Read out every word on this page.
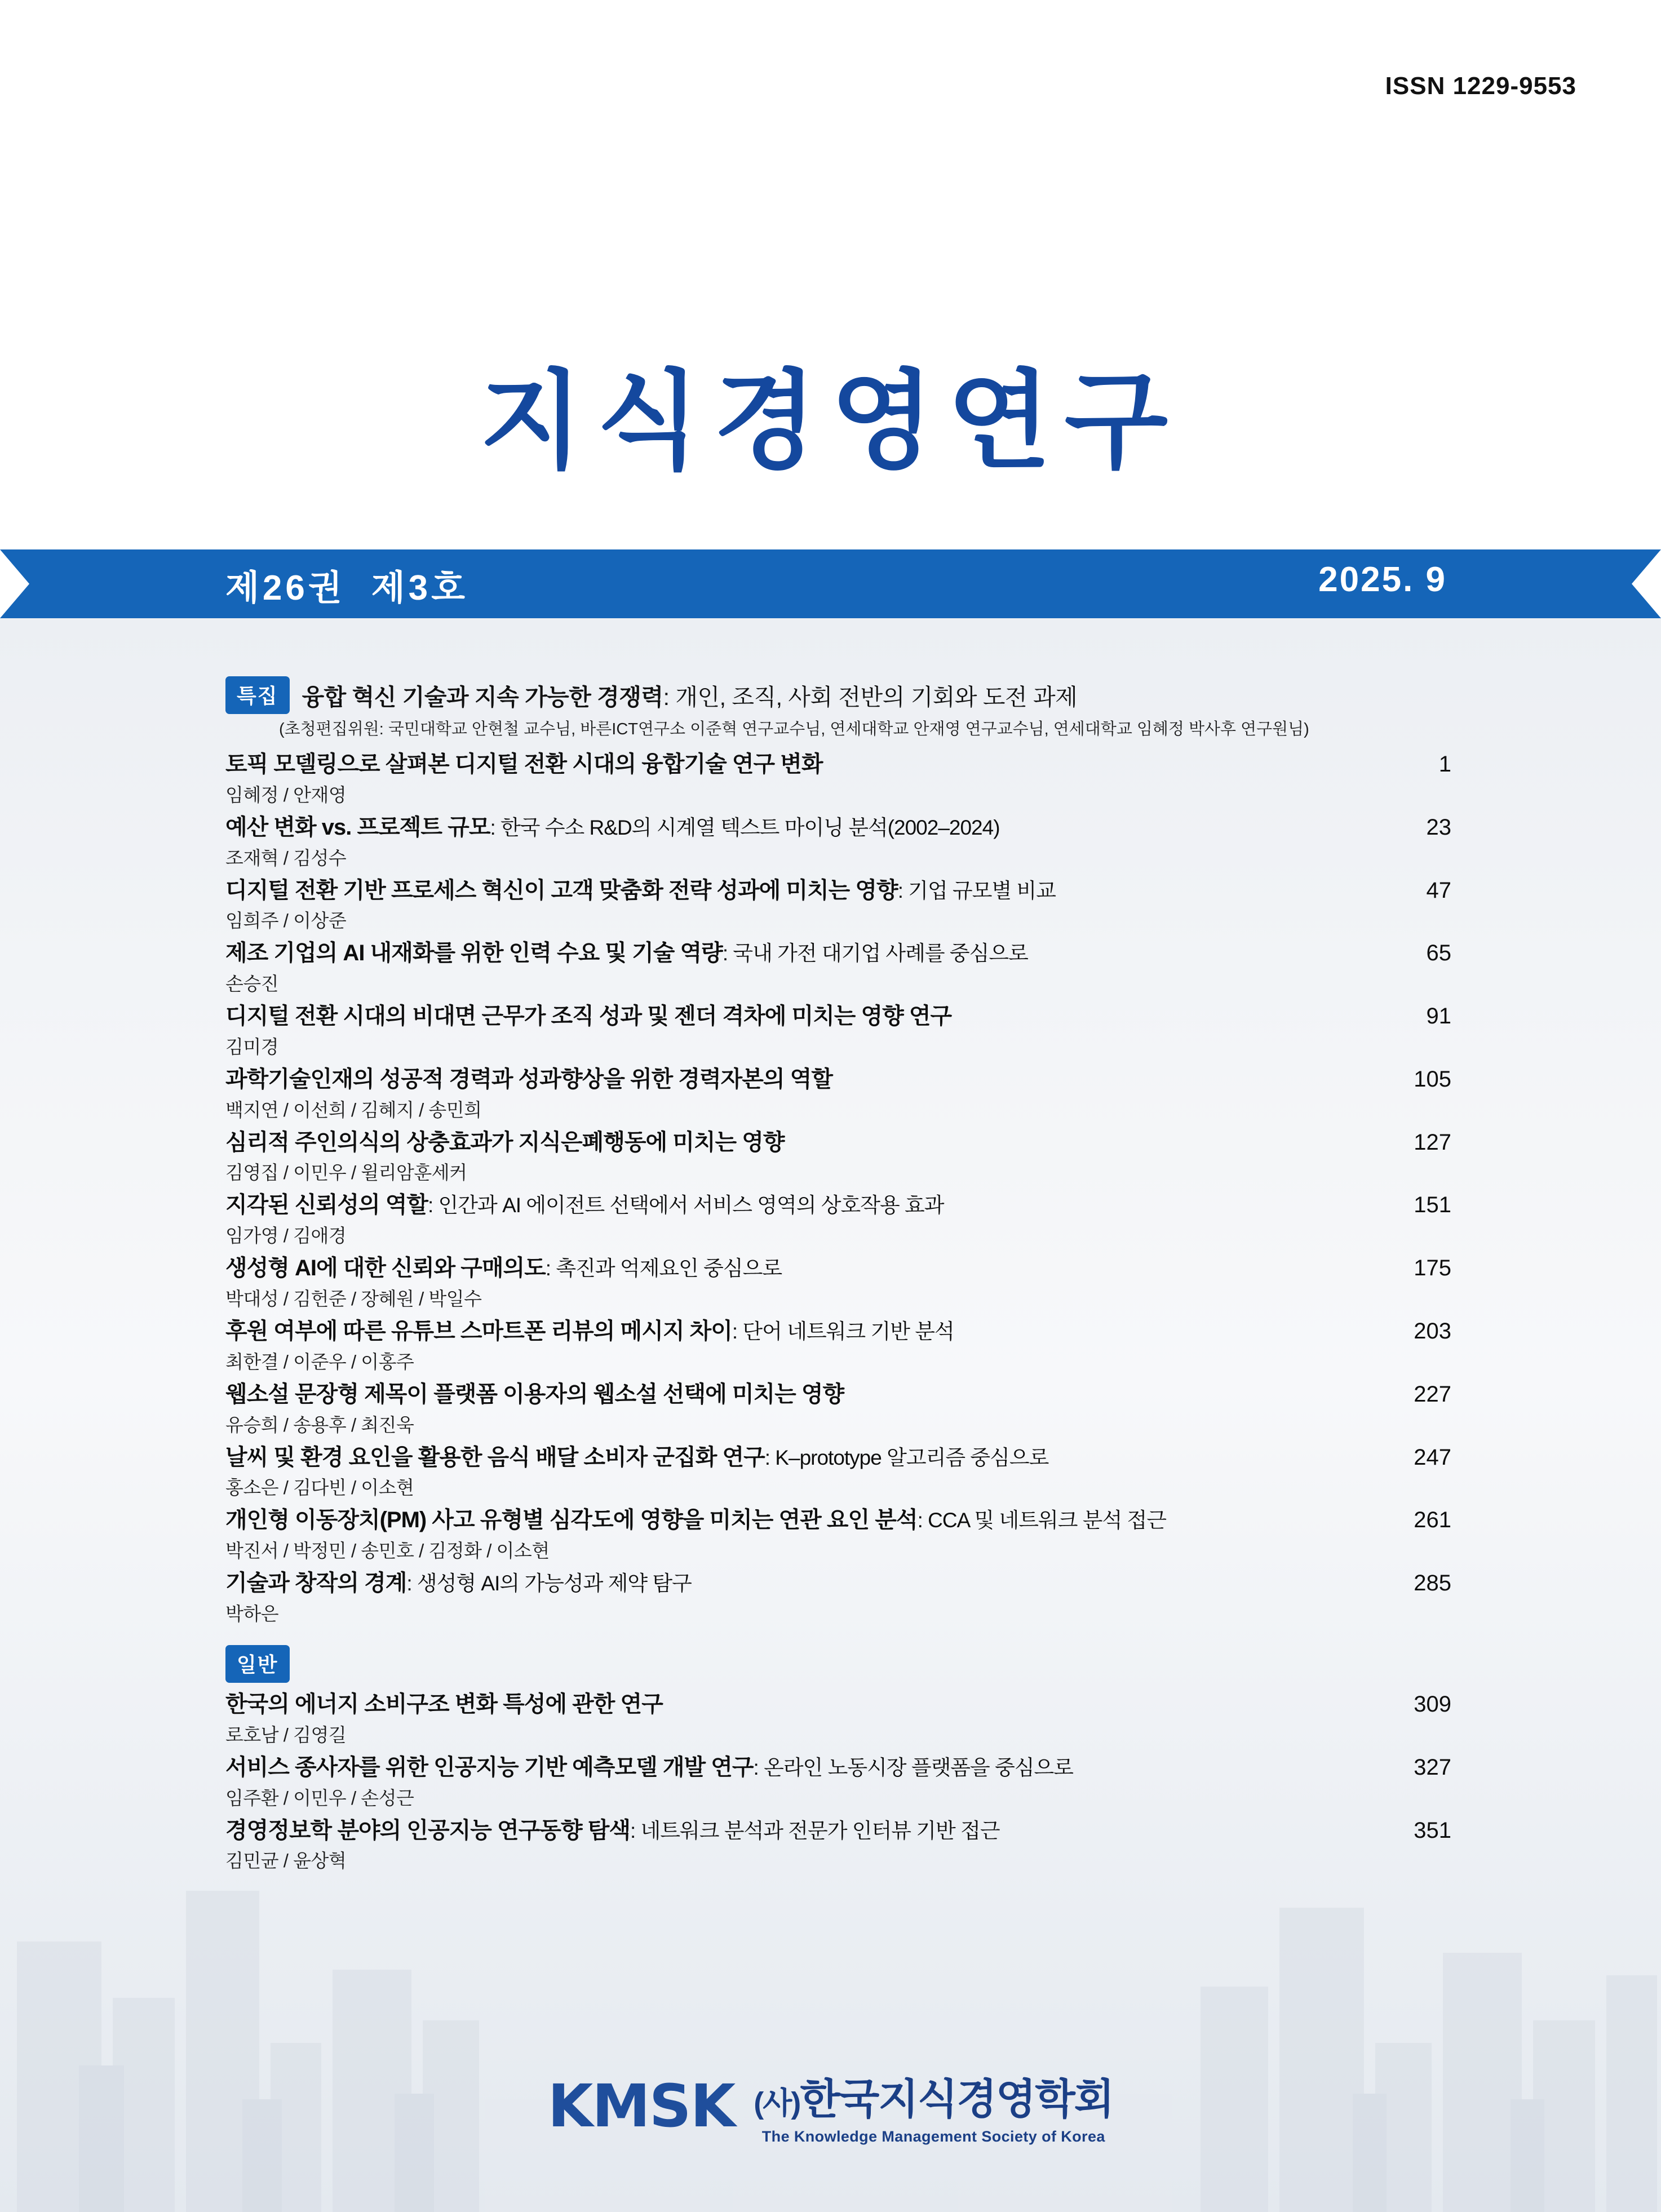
ISSN 1229-9553
지식경영연구
제26권 제3호	2025. 9
특집	융합 혁신 기술과 지속 가능한 경쟁력: 개인, 조직, 사회 전반의 기회와 도전 과제
(초청편집위원: 국민대학교 안현철 교수님, 바른ICT연구소 이준혁 연구교수님, 연세대학교 안재영 연구교수님, 연세대학교 임혜정 박사후 연구원님)
토픽 모델링으로 살펴본 디지털 전환 시대의 융합기술 연구 변화	1
임혜정 / 안재영
예산 변화 vs. 프로젝트 규모: 한국 수소 R&D의 시계열 텍스트 마이닝 분석(2002–2024)	23
조재혁 / 김성수
디지털 전환 기반 프로세스 혁신이 고객 맞춤화 전략 성과에 미치는 영향: 기업 규모별 비교	47
임희주 / 이상준
제조 기업의 AI 내재화를 위한 인력 수요 및 기술 역량: 국내 가전 대기업 사례를 중심으로	65
손승진
디지털 전환 시대의 비대면 근무가 조직 성과 및 젠더 격차에 미치는 영향 연구	91
김미경
과학기술인재의 성공적 경력과 성과향상을 위한 경력자본의 역할	105
백지연 / 이선희 / 김혜지 / 송민희
심리적 주인의식의 상충효과가 지식은폐행동에 미치는 영향	127
김영집 / 이민우 / 윌리암훈세커
지각된 신뢰성의 역할: 인간과 AI 에이전트 선택에서 서비스 영역의 상호작용 효과	151
임가영 / 김애경
생성형 AI에 대한 신뢰와 구매의도: 촉진과 억제요인 중심으로	175
박대성 / 김헌준 / 장혜원 / 박일수
후원 여부에 따른 유튜브 스마트폰 리뷰의 메시지 차이: 단어 네트워크 기반 분석	203
최한결 / 이준우 / 이홍주
웹소설 문장형 제목이 플랫폼 이용자의 웹소설 선택에 미치는 영향	227
유승희 / 송용후 / 최진욱
날씨 및 환경 요인을 활용한 음식 배달 소비자 군집화 연구: K–prototype 알고리즘 중심으로	247
홍소은 / 김다빈 / 이소현
개인형 이동장치(PM) 사고 유형별 심각도에 영향을 미치는 연관 요인 분석: CCA 및 네트워크 분석 접근	261
박진서 / 박정민 / 송민호 / 김정화 / 이소현
기술과 창작의 경계: 생성형 AI의 가능성과 제약 탐구	285
박하은
일반
한국의 에너지 소비구조 변화 특성에 관한 연구	309
로호남 / 김영길
서비스 종사자를 위한 인공지능 기반 예측모델 개발 연구: 온라인 노동시장 플랫폼을 중심으로	327
임주환 / 이민우 / 손성근
경영정보학 분야의 인공지능 연구동향 탐색: 네트워크 분석과 전문가 인터뷰 기반 접근	351
김민균 / 윤상혁
KMSK (사)한국지식경영학회
The Knowledge Management Society of Korea
